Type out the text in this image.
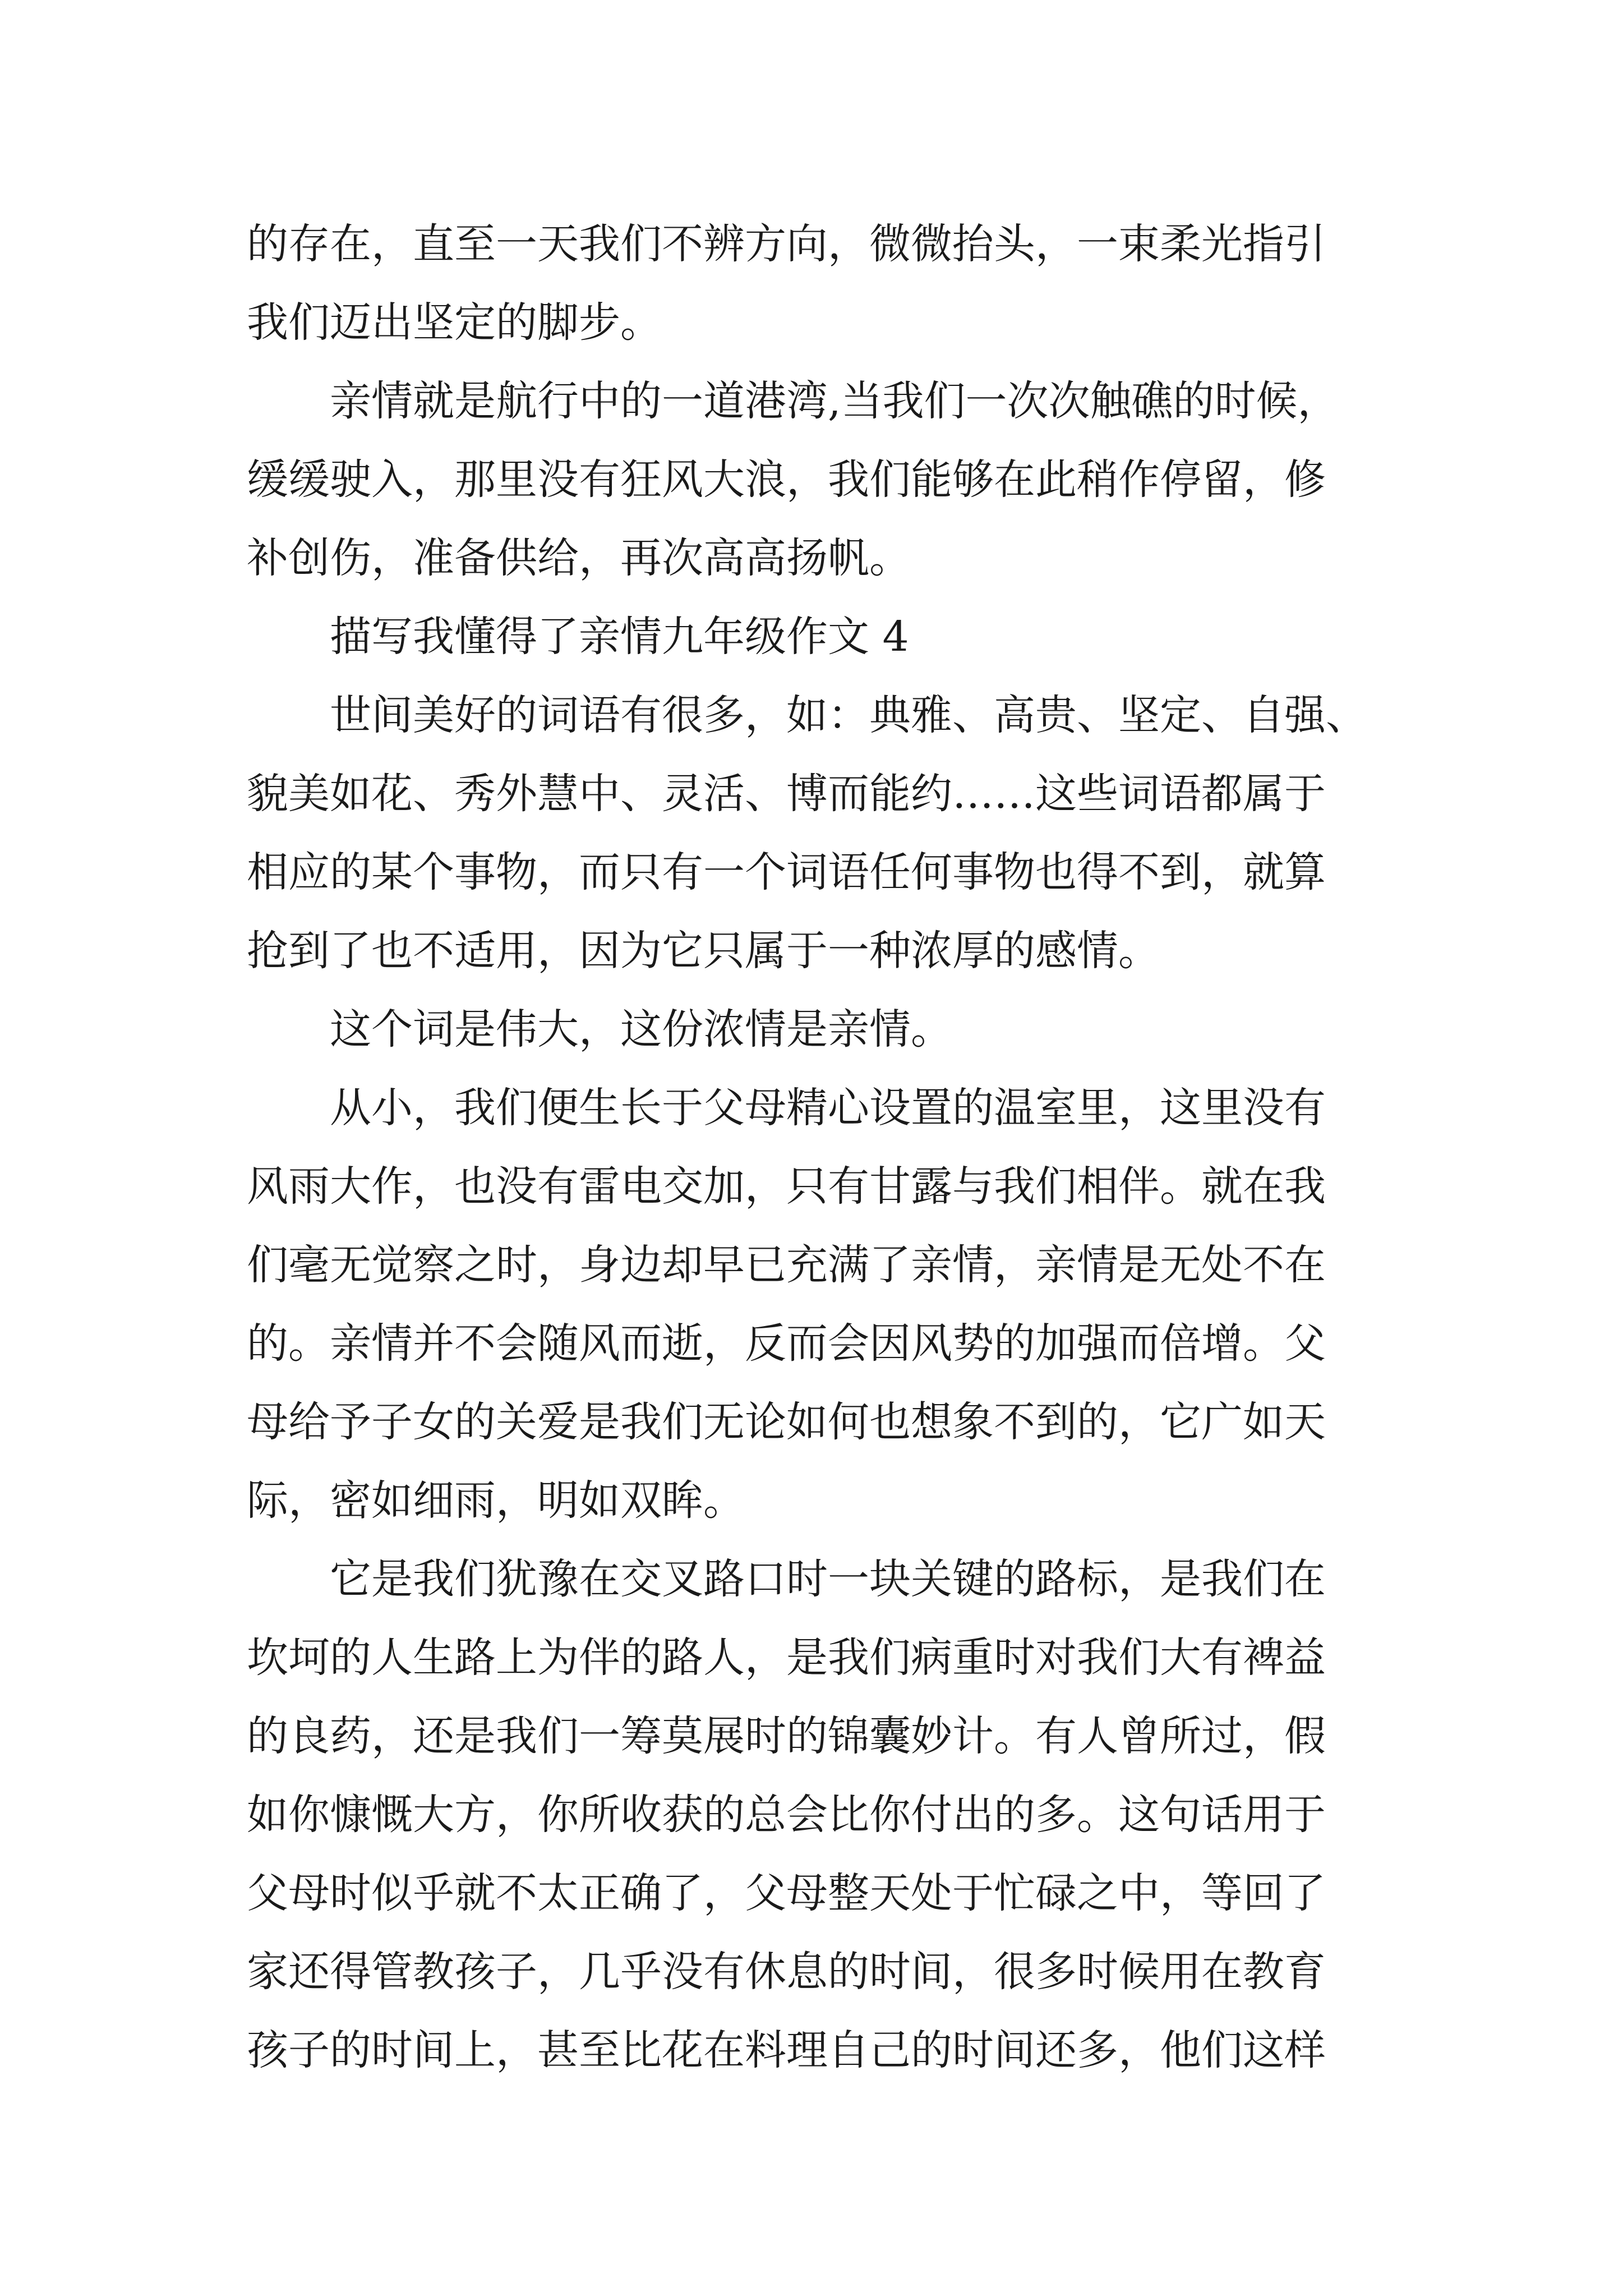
的存在，直至一天我们不辨方向，微微抬头，一束柔光指引
我们迈出坚定的脚步。
亲情就是航行中的一道港湾,当我们一次次触礁的时候，
缓缓驶入，那里没有狂风大浪，我们能够在此稍作停留，修
补创伤，准备供给，再次高高扬帆。
描写我懂得了亲情九年级作文 4
世间美好的词语有很多，如：典雅、高贵、坚定、自强、
貌美如花、秀外慧中、灵活、博而能约……这些词语都属于
相应的某个事物，而只有一个词语任何事物也得不到，就算
抢到了也不适用，因为它只属于一种浓厚的感情。
这个词是伟大，这份浓情是亲情。
从小，我们便生长于父母精心设置的温室里，这里没有
风雨大作，也没有雷电交加，只有甘露与我们相伴。就在我
们毫无觉察之时，身边却早已充满了亲情，亲情是无处不在
的。亲情并不会随风而逝，反而会因风势的加强而倍增。父
母给予子女的关爱是我们无论如何也想象不到的，它广如天
际，密如细雨，明如双眸。
它是我们犹豫在交叉路口时一块关键的路标，是我们在
坎坷的人生路上为伴的路人，是我们病重时对我们大有裨益
的良药，还是我们一筹莫展时的锦囊妙计。有人曾所过，假
如你慷慨大方，你所收获的总会比你付出的多。这句话用于
父母时似乎就不太正确了，父母整天处于忙碌之中，等回了
家还得管教孩子，几乎没有休息的时间，很多时候用在教育
孩子的时间上，甚至比花在料理自己的时间还多，他们这样
